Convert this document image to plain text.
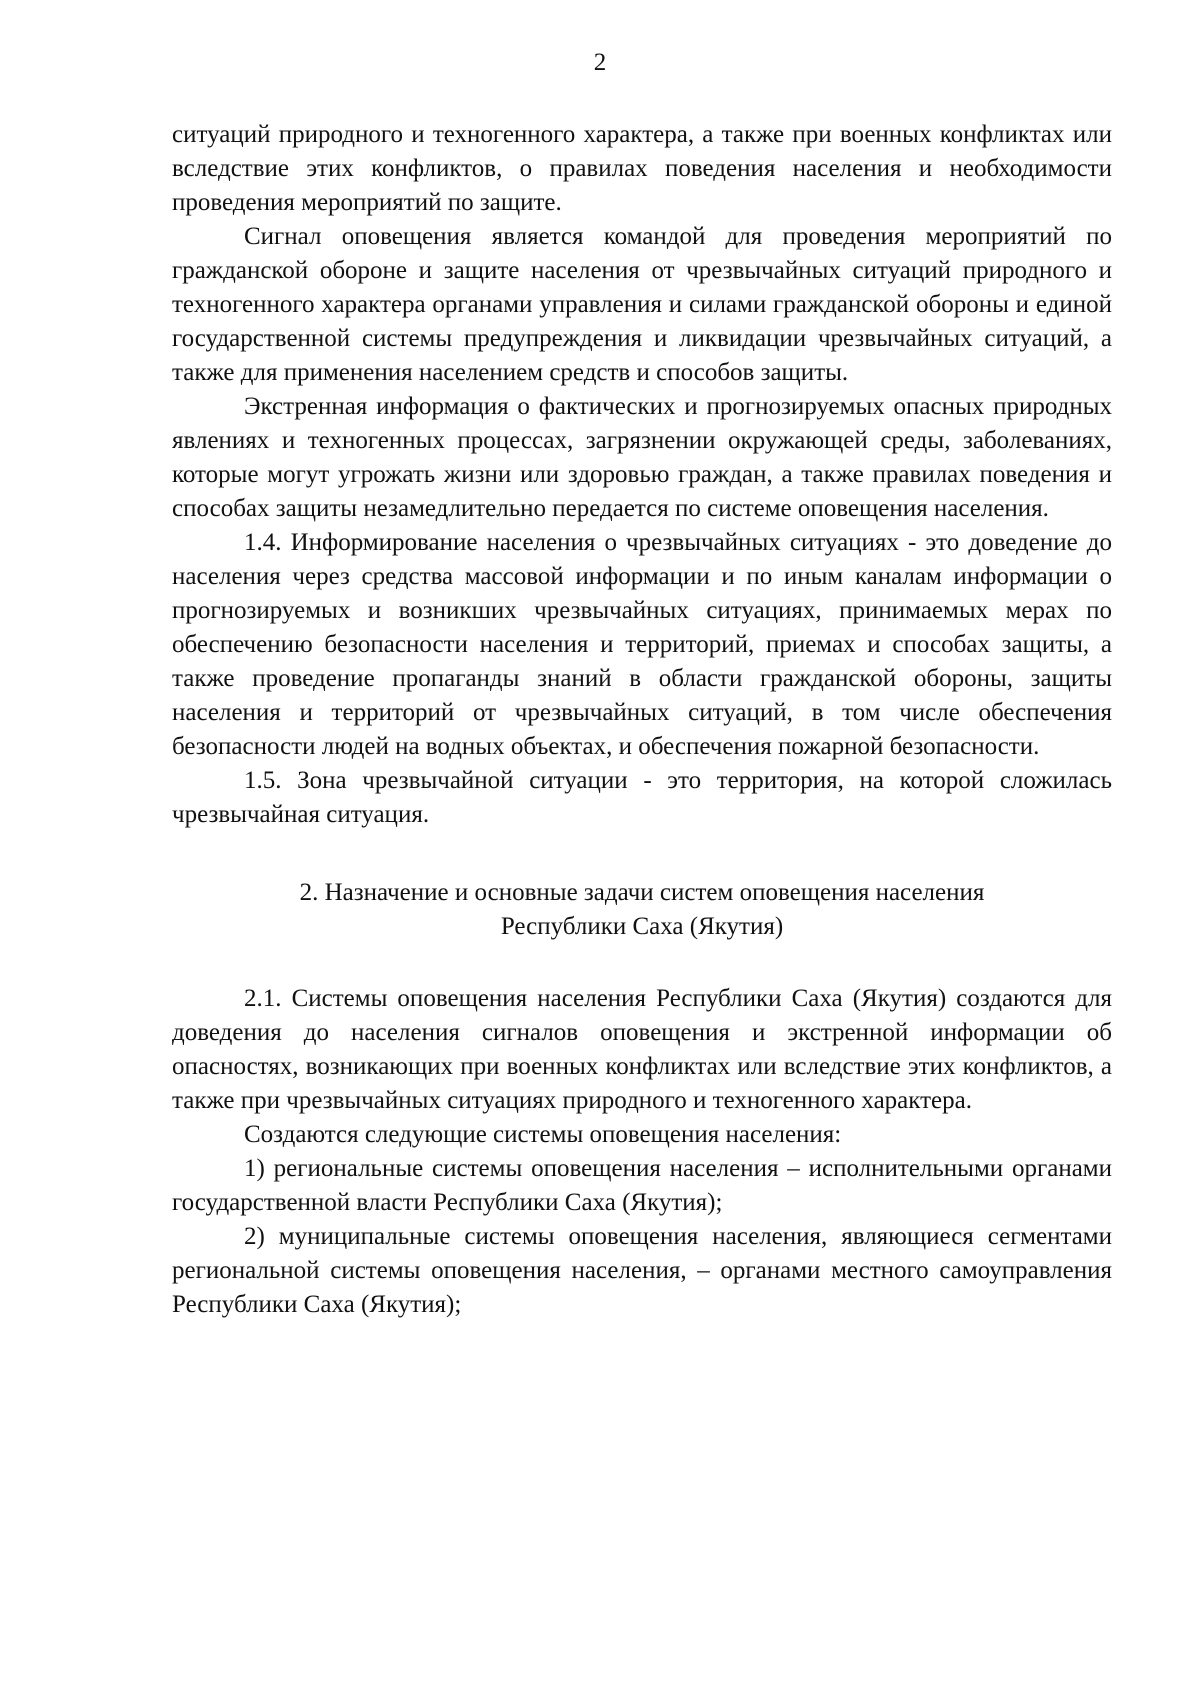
2

ситуаций природного и техногенного характера, а также при военных конфликтах или вследствие этих конфликтов, о правилах поведения населения и необходимости проведения мероприятий по защите.

Сигнал оповещения является командой для проведения мероприятий по гражданской обороне и защите населения от чрезвычайных ситуаций природного и техногенного характера органами управления и силами гражданской обороны и единой государственной системы предупреждения и ликвидации чрезвычайных ситуаций, а также для применения населением средств и способов защиты.

Экстренная информация о фактических и прогнозируемых опасных природных явлениях и техногенных процессах, загрязнении окружающей среды, заболеваниях, которые могут угрожать жизни или здоровью граждан, а также правилах поведения и способах защиты незамедлительно передается по системе оповещения населения.

1.4. Информирование населения о чрезвычайных ситуациях - это доведение до населения через средства массовой информации и по иным каналам информации о прогнозируемых и возникших чрезвычайных ситуациях, принимаемых мерах по обеспечению безопасности населения и территорий, приемах и способах защиты, а также проведение пропаганды знаний в области гражданской обороны, защиты населения и территорий от чрезвычайных ситуаций, в том числе обеспечения безопасности людей на водных объектах, и обеспечения пожарной безопасности.

1.5. Зона чрезвычайной ситуации - это территория, на которой сложилась чрезвычайная ситуация.

2. Назначение и основные задачи систем оповещения населения
Республики Саха (Якутия)

2.1. Системы оповещения населения Республики Саха (Якутия) создаются для доведения до населения сигналов оповещения и экстренной информации об опасностях, возникающих при военных конфликтах или вследствие этих конфликтов, а также при чрезвычайных ситуациях природного и техногенного характера.

Создаются следующие системы оповещения населения:

1) региональные системы оповещения населения – исполнительными органами государственной власти Республики Саха (Якутия);

2) муниципальные системы оповещения населения, являющиеся сегментами региональной системы оповещения населения, – органами местного самоуправления Республики Саха (Якутия);
